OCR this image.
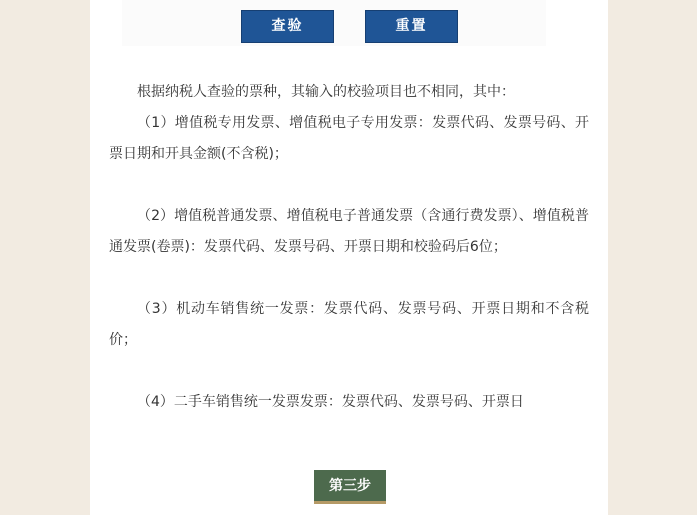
查验	重置

根据纳税人查验的票种，其输入的校验项目也不相同，其中：

（1）增值税专用发票、增值税电子专用发票：发票代码、发票号码、开票日期和开具金额(不含税)；

（2）增值税普通发票、增值税电子普通发票（含通行费发票）、增值税普通发票(卷票)：发票代码、发票号码、开票日期和校验码后6位；

（3）机动车销售统一发票：发票代码、发票号码、开票日期和不含税价；

（4）二手车销售统一发票发票：发票代码、发票号码、开票日

第三步
